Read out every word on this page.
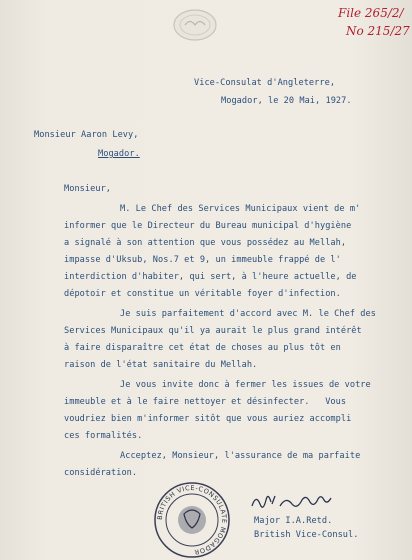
File 265/2/
No 215/27
Vice-Consulat d'Angleterre,
Mogador, le 20 Mai, 1927.
Monsieur Aaron Levy,
Mogador.
Monsieur,
M. Le Chef des Services Municipaux vient de m'
informer que le Directeur du Bureau municipal d'hygiène
a signalé à son attention que vous possédez au Mellah,
impasse d'Uksub, Nos.7 et 9, un immeuble frappé de l'
interdiction d'habiter, qui sert, à l'heure actuelle, de
dépotoir et constitue un véritable foyer d'infection.
Je suis parfaitement d'accord avec M. le Chef des
Services Municipaux qu'il ya aurait le plus grand intérêt
à faire disparaître cet état de choses au plus tôt en
raison de l'état sanitaire du Mellah.
Je vous invite donc à fermer les issues de votre
immeuble et à le faire nettoyer et désinfecter.   Vous
voudriez bien m'informer sitôt que vous auriez accompli
ces formalités.
Acceptez, Monsieur, l'assurance de ma parfaite
considération.
BRITISH VICE-CONSULATE MOGADOR
Major I.A.Retd.
British Vice-Consul.
